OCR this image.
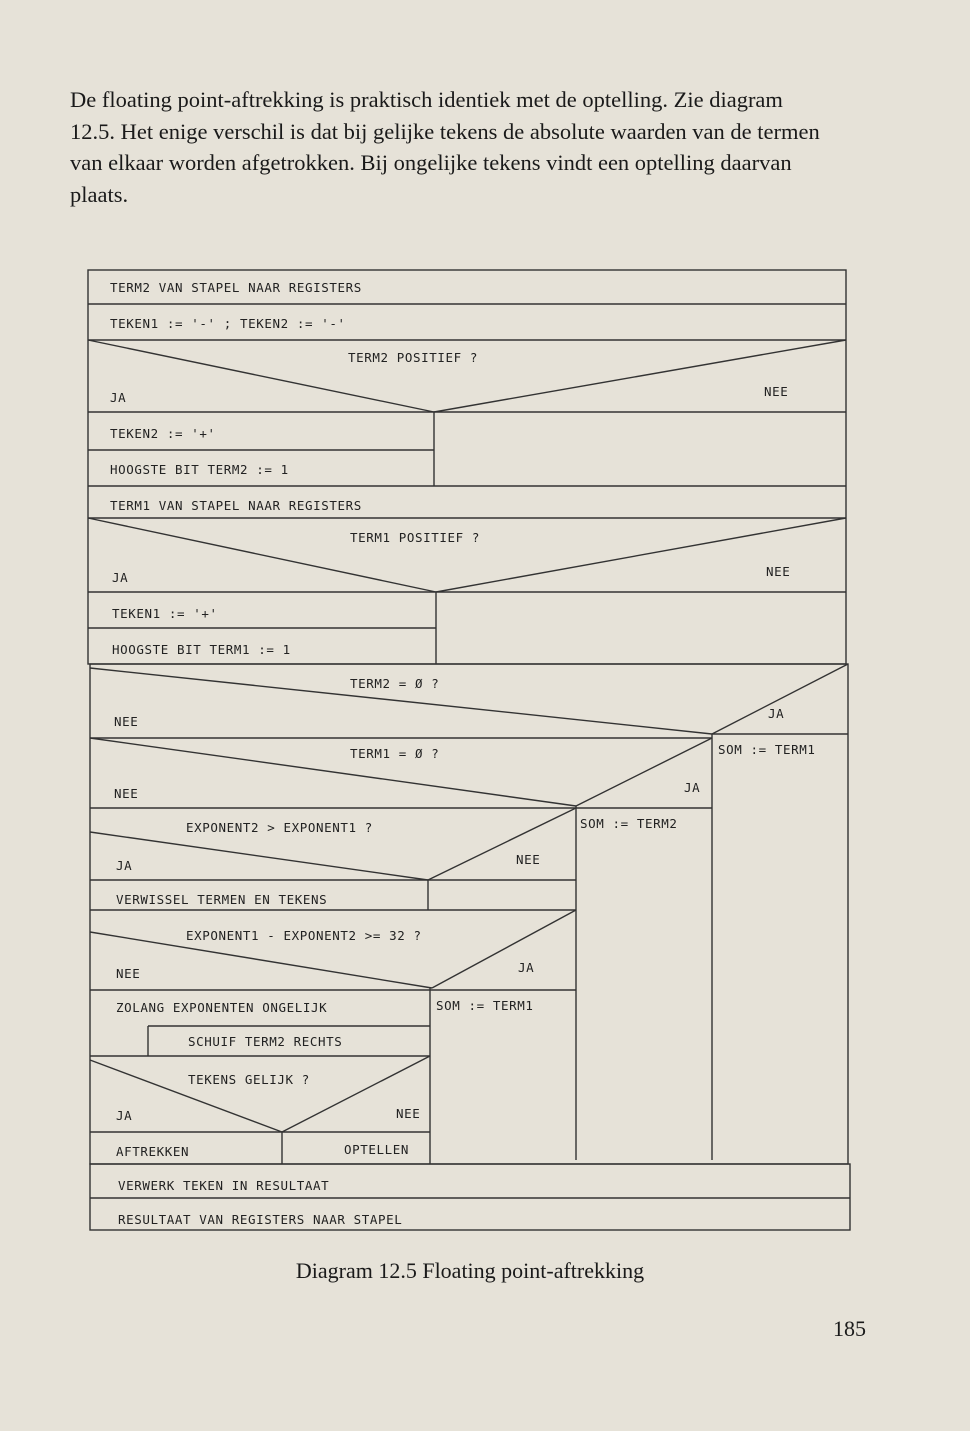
De floating point-aftrekking is praktisch identiek met de optelling. Zie diagram
12.5. Het enige verschil is dat bij gelijke tekens de absolute waarden van de termen
van elkaar worden afgetrokken. Bij ongelijke tekens vindt een optelling daarvan
plaats.

TERM2 VAN STAPEL NAAR REGISTERS
TEKEN1 := '-' ; TEKEN2 := '-'
TERM2 POSITIEF ?
JA	NEE
TEKEN2 := '+'
HOOGSTE BIT TERM2 := 1
TERM1 VAN STAPEL NAAR REGISTERS
TERM1 POSITIEF ?
JA	NEE
TEKEN1 := '+'
HOOGSTE BIT TERM1 := 1
TERM2 = Ø ?
NEE
JA
SOM := TERM1
TERM1 = Ø ?
NEE	JA
SOM := TERM2
EXPONENT2 > EXPONENT1 ?
JA	NEE
VERWISSEL TERMEN EN TEKENS
EXPONENT1 - EXPONENT2 >= 32 ?
NEE	JA
SOM := TERM1
ZOLANG EXPONENTEN ONGELIJK
SCHUIF TERM2 RECHTS
TEKENS GELIJK ?
JA	NEE
AFTREKKEN	OPTELLEN
VERWERK TEKEN IN RESULTAAT
RESULTAAT VAN REGISTERS NAAR STAPEL
Diagram 12.5 Floating point-aftrekking
185
